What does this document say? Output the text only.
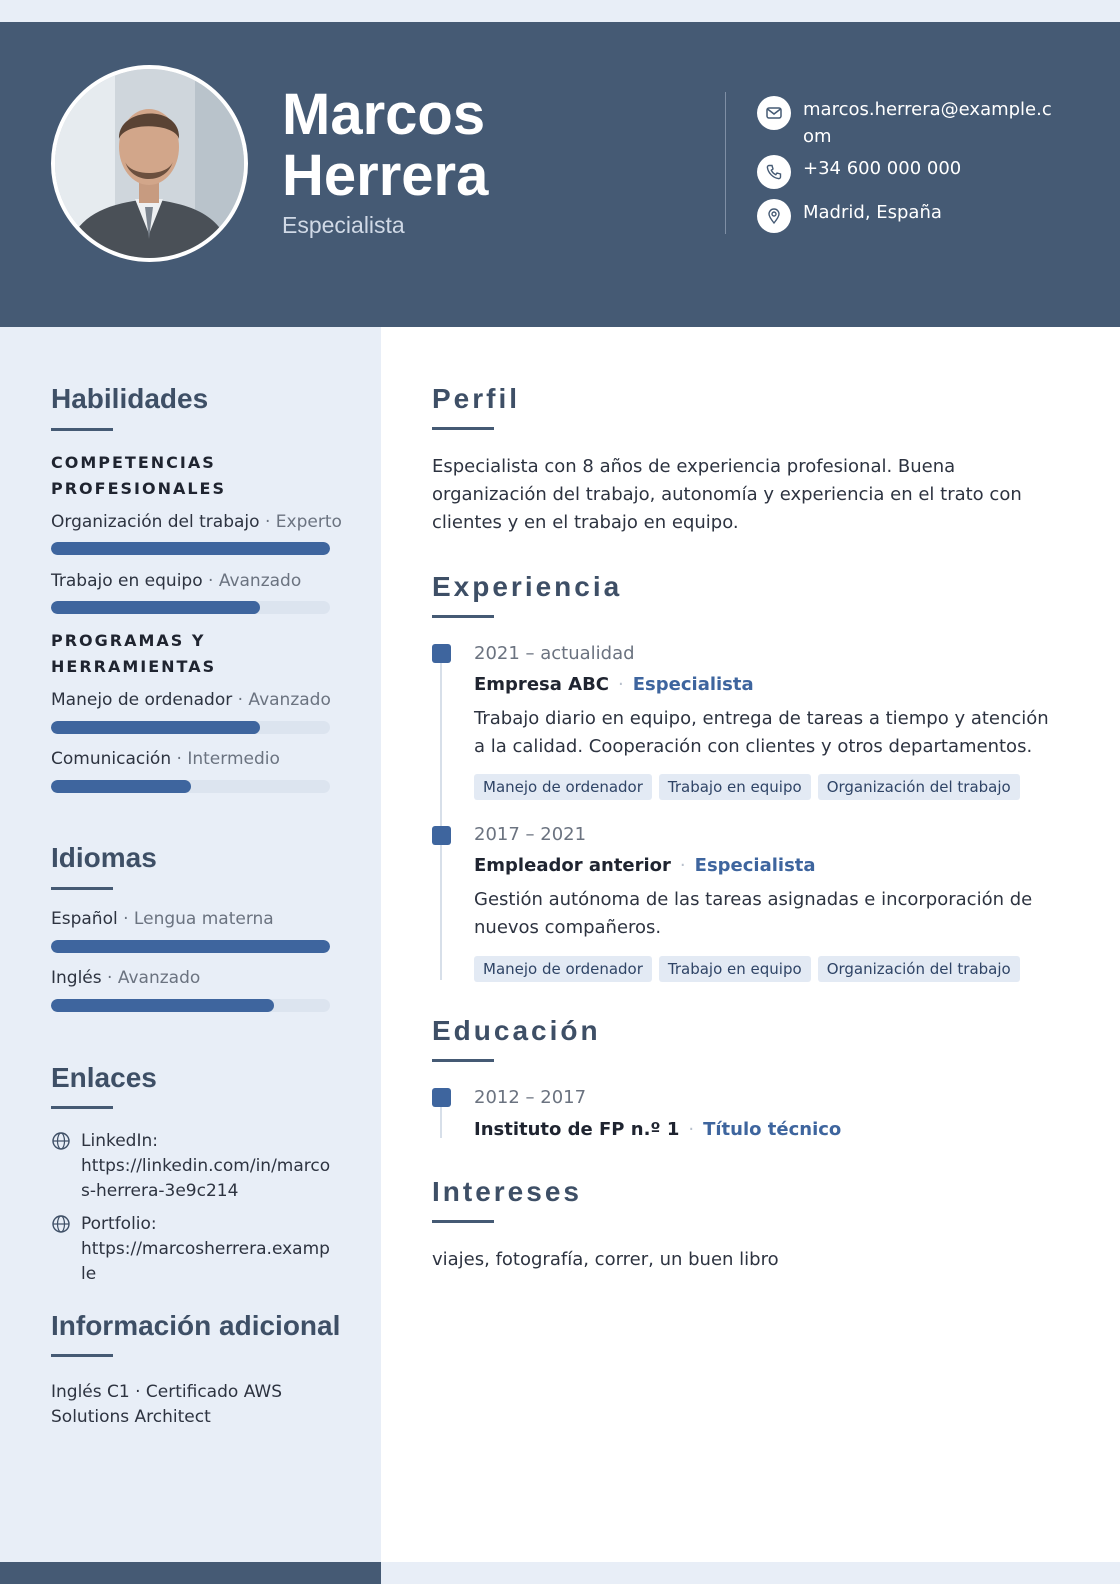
Marcos
Herrera
Especialista
marcos.herrera@example.com
+34 600 000 000
Madrid, España
Habilidades
COMPETENCIAS PROFESIONALES
Organización del trabajo · Experto
Trabajo en equipo · Avanzado
PROGRAMAS Y HERRAMIENTAS
Manejo de ordenador · Avanzado
Comunicación · Intermedio
Idiomas
Español · Lengua materna
Inglés · Avanzado
Enlaces
LinkedIn: https://linkedin.com/in/marcos-herrera-3e9c214
Portfolio: https://marcosherrera.example
Información adicional
Inglés C1 · Certificado AWS Solutions Architect
Perfil
Especialista con 8 años de experiencia profesional. Buena organización del trabajo, autonomía y experiencia en el trato con clientes y en el trabajo en equipo.
Experiencia
2021 – actualidad
Empresa ABC · Especialista
Trabajo diario en equipo, entrega de tareas a tiempo y atención a la calidad. Cooperación con clientes y otros departamentos.
Manejo de ordenador	Trabajo en equipo	Organización del trabajo
2017 – 2021
Empleador anterior · Especialista
Gestión autónoma de las tareas asignadas e incorporación de nuevos compañeros.
Manejo de ordenador	Trabajo en equipo	Organización del trabajo
Educación
2012 – 2017
Instituto de FP n.º 1 · Título técnico
Intereses
viajes, fotografía, correr, un buen libro
